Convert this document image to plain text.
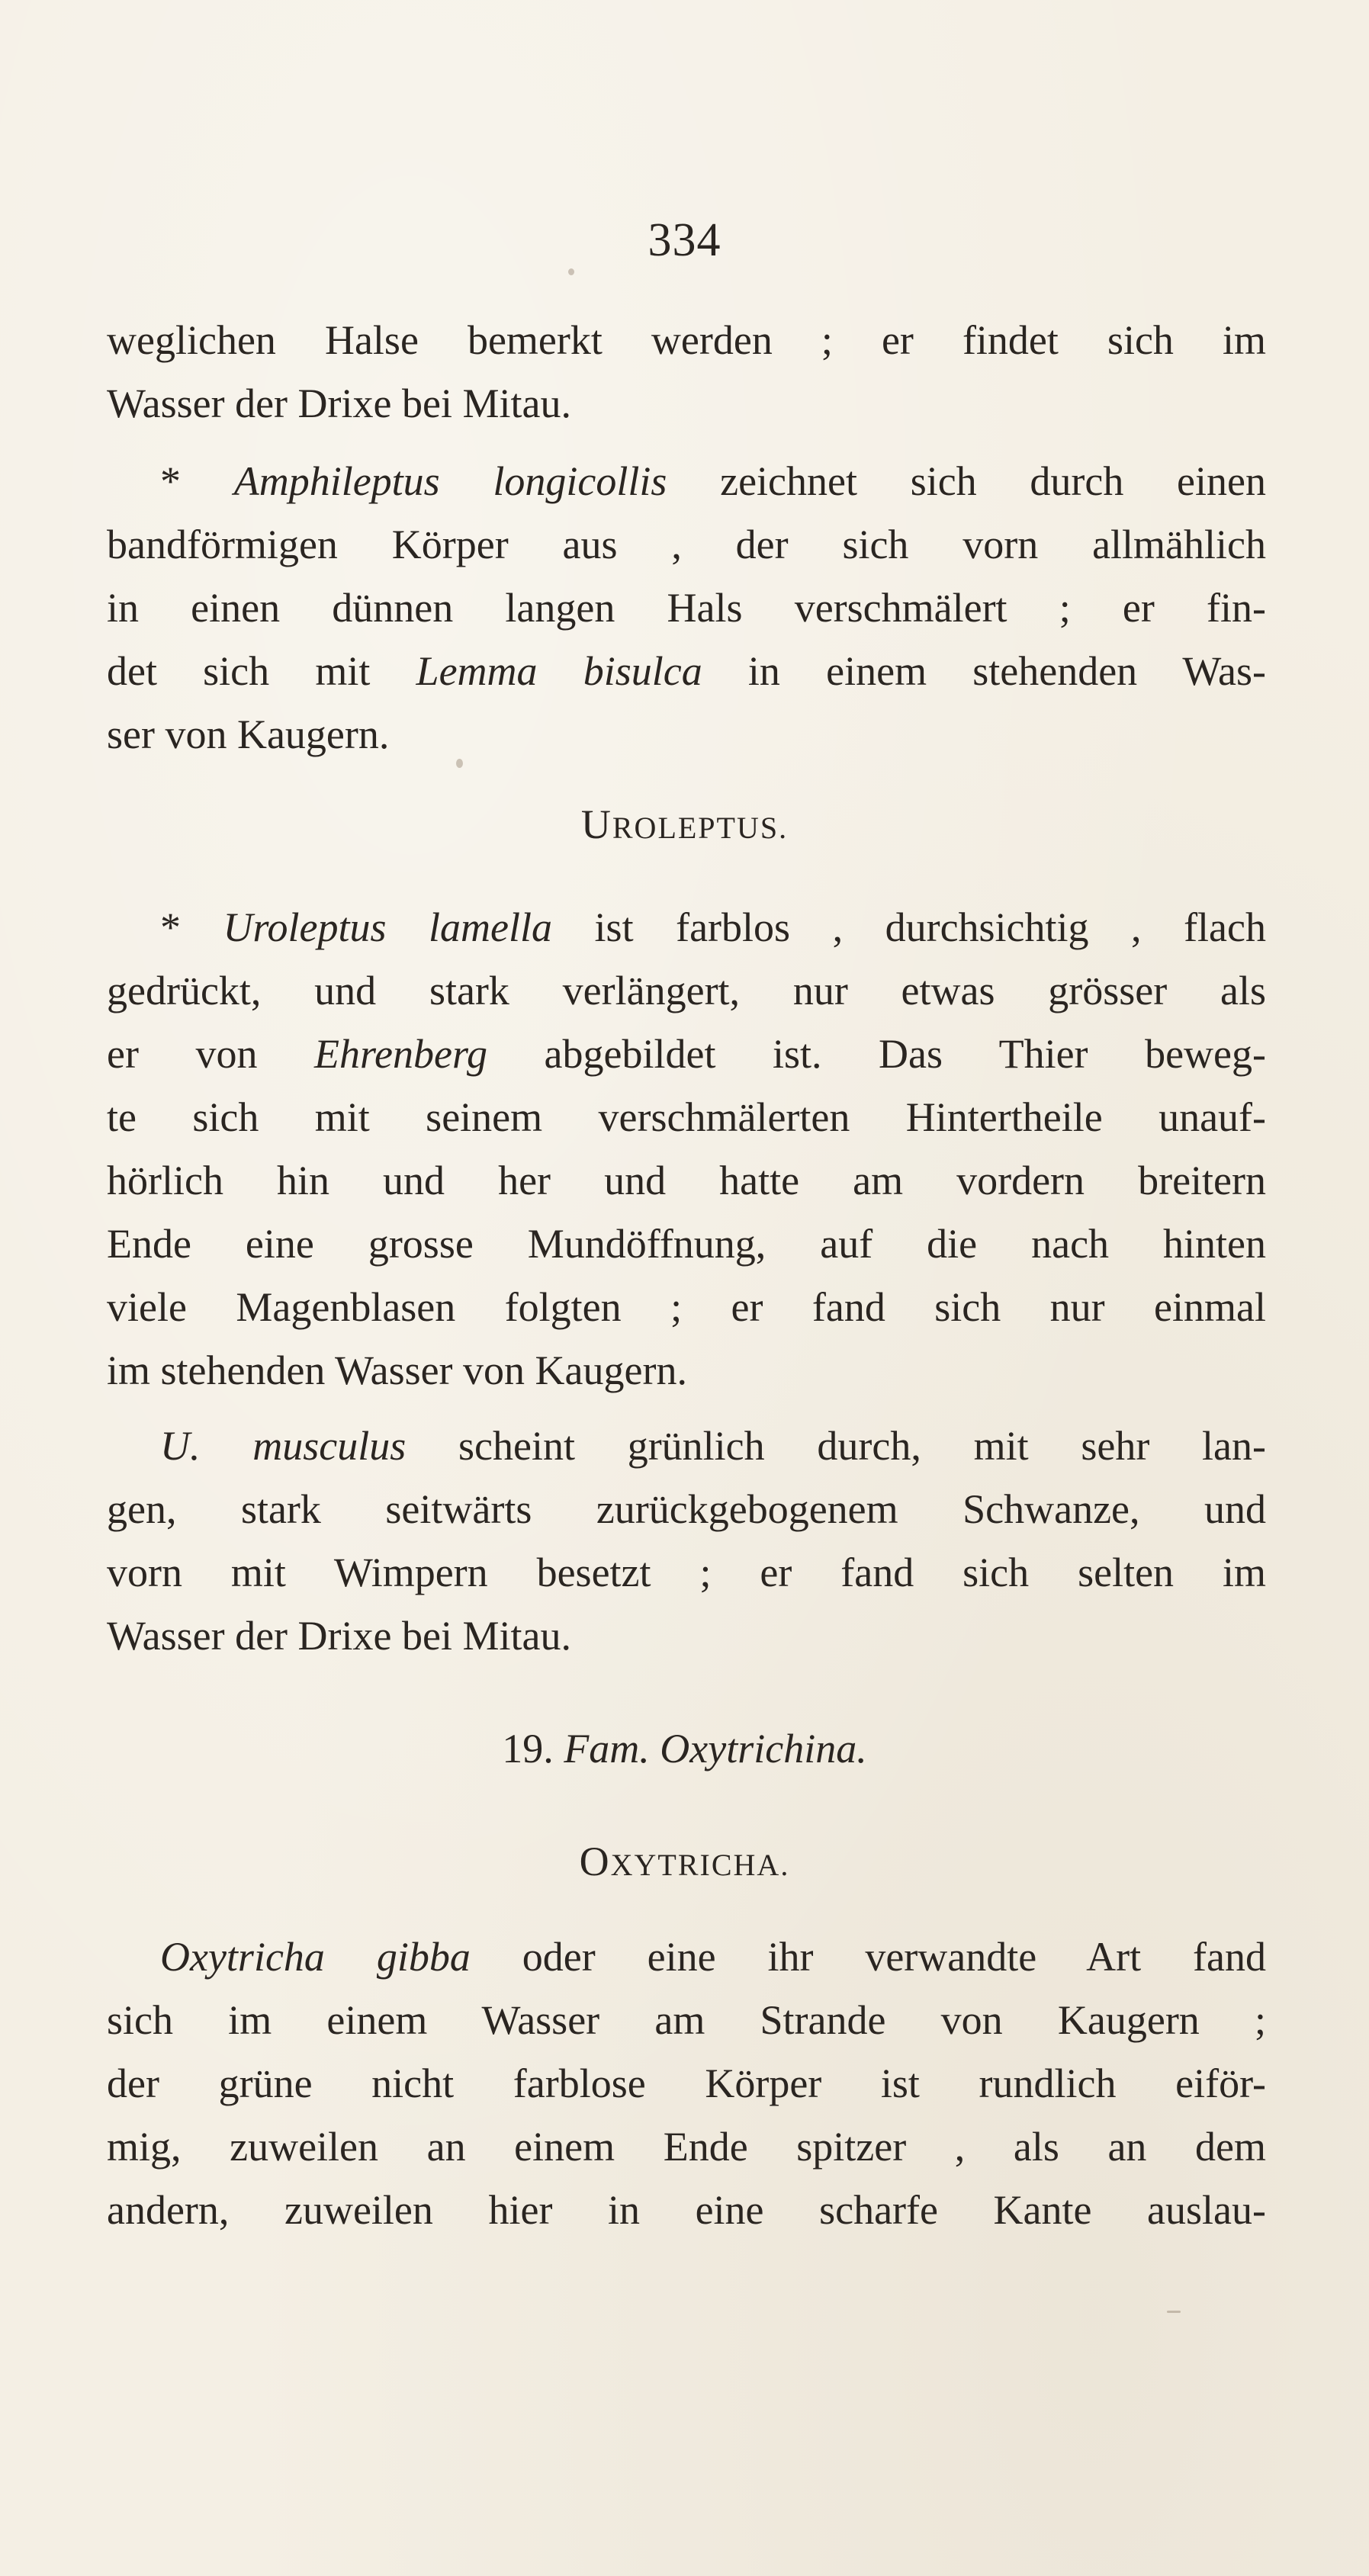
334
weglichen Halse bemerkt werden ; er findet sich im
Wasser der Drixe bei Mitau.
* Amphileptus longicollis zeichnet sich durch einen
bandförmigen Körper aus , der sich vorn allmählich
in einen dünnen langen Hals verschmälert ; er fin-
det sich mit Lemma bisulca in einem stehenden Was-
ser von Kaugern.
UROLEPTUS.
* Uroleptus lamella ist farblos , durchsichtig , flach
gedrückt, und stark verlängert, nur etwas grösser als
er von Ehrenberg abgebildet ist. Das Thier beweg-
te sich mit seinem verschmälerten Hintertheile unauf-
hörlich hin und her und hatte am vordern breitern
Ende eine grosse Mundöffnung, auf die nach hinten
viele Magenblasen folgten ; er fand sich nur einmal
im stehenden Wasser von Kaugern.
U. musculus scheint grünlich durch, mit sehr lan-
gen, stark seitwärts zurückgebogenem Schwanze, und
vorn mit Wimpern besetzt ; er fand sich selten im
Wasser der Drixe bei Mitau.
19. Fam. Oxytrichina.
OXYTRICHA.
Oxytricha gibba oder eine ihr verwandte Art fand
sich im einem Wasser am Strande von Kaugern ;
der grüne nicht farblose Körper ist rundlich eiför-
mig, zuweilen an einem Ende spitzer , als an dem
andern, zuweilen hier in eine scharfe Kante auslau-
